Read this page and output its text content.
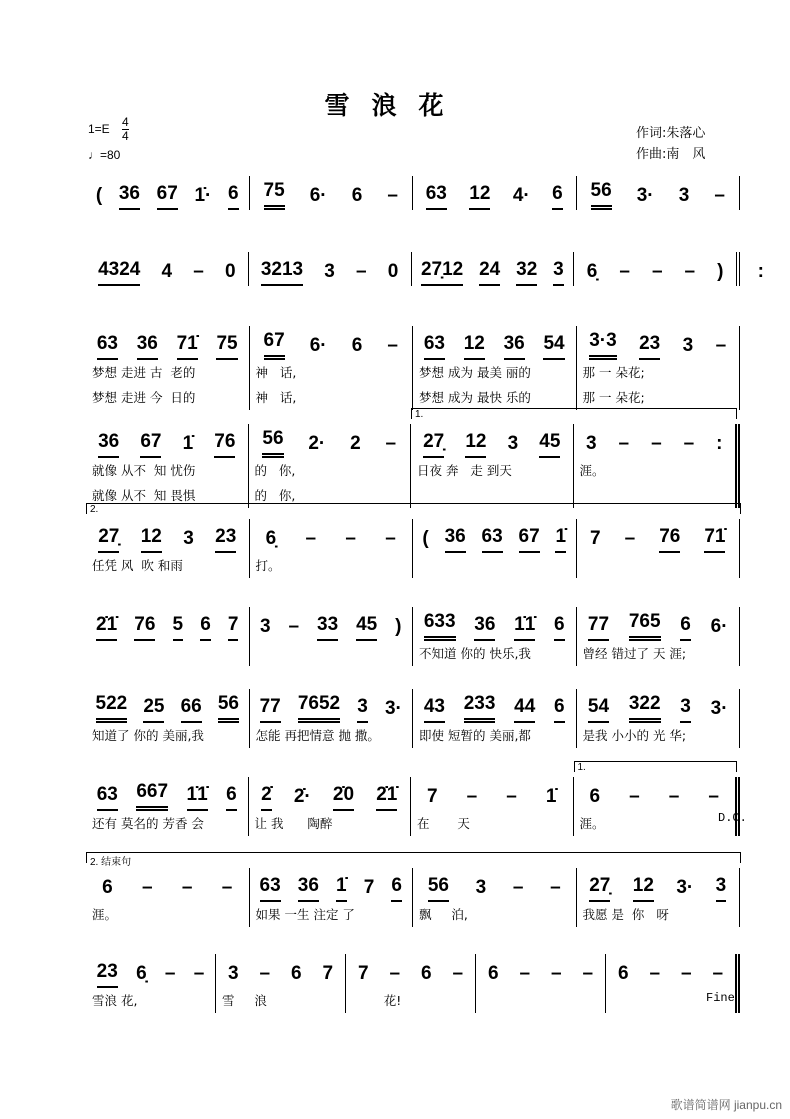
雪浪花
$1=E \frac{4}{4}$
♩=80
作词:朱落心
作曲:南　风
( 36 67 1̇· 6 75 6· 6 – 63 12 4· 6 56 3· 3 –
4324 4 – 0 3213 3 – 0 27̣12 24 32 3 6̣ – – – ) :
63 36 71̇ 75
梦想 走进 古  老的
梦想 走进 今  日的
67 6· 6 –
神   话,
神   话,
63 12 36 54
梦想 成为 最美 丽的
梦想 成为 最快 乐的
3·3 23 3 –
那 一 朵花;
那 一 朵花;
36 67 1̇ 76
就像 从不  知 忧伤
就像 从不  知 畏惧
56 2· 2 –
的   你,
的   你,
1.
27̣ 12 3 45
日夜 奔   走 到天
3 – – – :
涯。
2.
27̣ 12 3 23
任凭 风  吹 和雨
6̣ – – –
打。
( 36 63 67 1̇ 7 – 76 71̇
2̇1̇ 76 5 6 7 3 – 33 45 ) 633 36 1̇1̇ 6
不知道 你的 快乐,我
77 765 6 6·
曾经 错过了 天 涯;
522 25 66 56
知道了 你的 美丽,我
77 7652 3 3·
怎能 再把情意 抛 撒。
43 233 44 6
即使 短暂的 美丽,都
54 322 3 3·
是我 小小的 光 华;
63 667 1̇1̇ 6
还有 莫名的 芳香 会
2̇ 2̇· 2̇0 2̇1̇
让 我      陶醉
7 – – 1̇
在       天
1.
6 – – –
涯。	D.C.
2. 结束句
6 – – –
涯。
63 36 1̇ 7 6
如果 一生 注定 了
56 3 – –
飘     泊,
27̣ 12 3· 3
我愿 是  你   呀
23 6̣ – –
雪浪 花,
3 – 6 7
雪     浪
7 – 6 –
花!
6 – – – 6 – – –
Fine
歌谱简谱网 jianpu.cn
